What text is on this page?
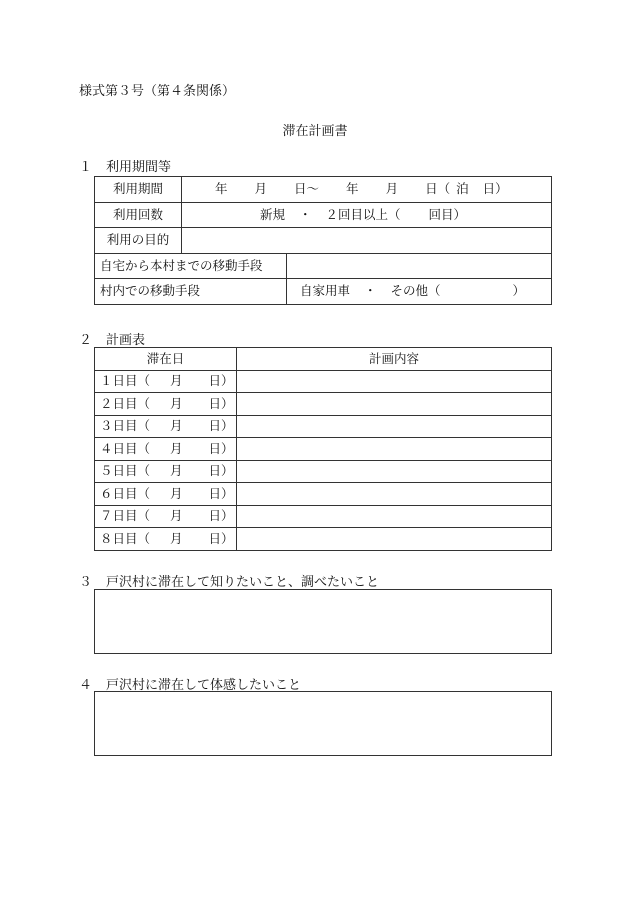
様式第３号（第４条関係）
滞在計画書
１ 利用期間等
利用期間	年 月 日〜 年 月 日（ 泊 日）	
利用回数	新規 ・ ２回目以上（ 回目）	
利用の目的		
自宅から本村までの移動手段		
村内での移動手段		自家用車 ・ その他（ ）
２ 計画表
滞在日	計画内容
１日目（ 月 日）	
２日目（ 月 日）	
３日目（ 月 日）	
４日目（ 月 日）	
５日目（ 月 日）	
６日目（ 月 日）	
７日目（ 月 日）	
８日目（ 月 日）	
３ 戸沢村に滞在して知りたいこと、調べたいこと
４ 戸沢村に滞在して体感したいこと
